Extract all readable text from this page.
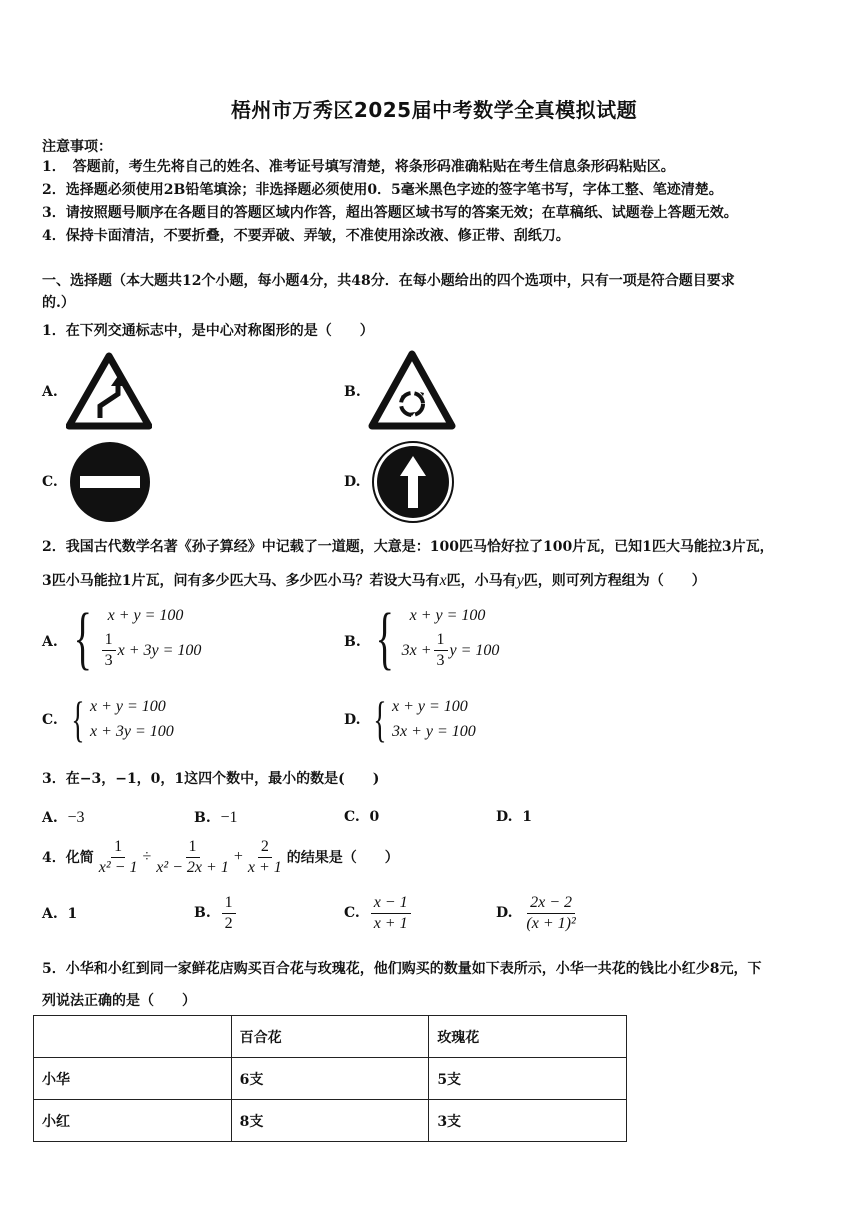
梧州市万秀区2025届中考数学全真模拟试题
注意事项：
1．　答题前，考生先将自己的姓名、准考证号填写清楚，将条形码准确粘贴在考生信息条形码粘贴区。
2．选择题必须使用2B铅笔填涂；非选择题必须使用0．5毫米黑色字迹的签字笔书写，字体工整、笔迹清楚。
3．请按照题号顺序在各题目的答题区域内作答，超出答题区域书写的答案无效；在草稿纸、试题卷上答题无效。
4．保持卡面清洁，不要折叠，不要弄破、弄皱，不准使用涂改液、修正带、刮纸刀。
一、选择题（本大题共12个小题，每小题4分，共48分．在每小题给出的四个选项中，只有一项是符合题目要求
的.）
1．在下列交通标志中，是中心对称图形的是（　　）
A.	B.
C.	D.
2．我国古代数学名著《孙子算经》中记载了一道题，大意是：100匹马恰好拉了100片瓦，已知1匹大马能拉3片瓦，
3匹小马能拉1片瓦，问有多少匹大马、多少匹小马？若设大马有x匹，小马有y匹，则可列方程组为（　　）
A. { x + y = 100
$\frac{1}{3}$ x + 3y = 100	B. { x + y = 100
$3x + \frac{1}{3}$ y = 100
C. { x + y = 100
x + 3y = 100
D. { x + y = 100
3x + y = 100
3．在−3，−1，0，1这四个数中，最小的数是(　　)
A. −3	B. −1	C. 0	D. 1
4．化简 $\frac{1}{\text{x² − 1}} \div \frac{1}{\text{x² − 2x + 1}} + \frac{2}{x + 1}$ 的结果是（　　）
A. 1	B.
$\frac{1}{2}$	C.
$\frac{x - 1}{x + 1}$	D.
$\frac{2x - 2}{\text{(x + 1)²}}$
5．小华和小红到同一家鲜花店购买百合花与玫瑰花，他们购买的数量如下表所示，小华一共花的钱比小红少8元，下
列说法正确的是（　　）
	百合花	玫瑰花
小华	6支	5支
小红	8支	3支
